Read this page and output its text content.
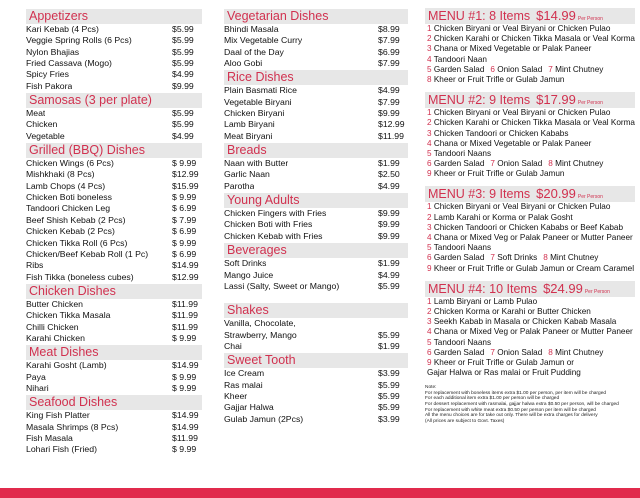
Appetizers
Kari Kebab (4 Pcs)	$5.99
Veggie Spring Rolls (6 Pcs)	$5.99
Nylon Bhajias	$5.99
Fried Cassava (Mogo)	$5.99
Spicy Fries	$4.99
Fish Pakora	$9.99
Samosas (3 per plate)
Meat	$5.99
Chicken	$5.99
Vegetable	$4.99
Grilled (BBQ) Dishes
Chicken Wings (6 Pcs)	$ 9.99
Mishkhaki (8 Pcs)	$12.99
Lamb Chops (4 Pcs)	$15.99
Chicken Boti boneless	$ 9.99
Tandoori Chicken Leg	$ 6.99
Beef Shish Kebab (2 Pcs)	$ 7.99
Chicken Kebab (2 Pcs)	$ 6.99
Chicken Tikka Roll (6 Pcs)	$ 9.99
Chicken/Beef Kebab Roll (1 Pc)	$ 6.99
Ribs	$14.99
Fish Tikka (boneless cubes)	$12.99
Chicken Dishes
Butter Chicken	$11.99
Chicken Tikka Masala	$11.99
Chilli Chicken	$11.99
Karahi Chicken	$ 9.99
Meat Dishes
Karahi Gosht (Lamb)	$14.99
Paya	$ 9.99
Nihari	$ 9.99
Seafood Dishes
King Fish Platter	$14.99
Masala Shrimps (8 Pcs)	$14.99
Fish Masala	$11.99
Lohari Fish (Fried)	$ 9.99
Vegetarian Dishes
Bhindi Masala	$8.99
Mix Vegetable Curry	$7.99
Daal of the Day	$6.99
Aloo Gobi	$7.99
Rice Dishes
Plain Basmati Rice	$4.99
Vegetable Biryani	$7.99
Chicken Biryani	$9.99
Lamb Biryani	$12.99
Meat Biryani	$11.99
Breads
Naan with Butter	$1.99
Garlic Naan	$2.50
Parotha	$4.99
Young Adults
Chicken Fingers with Fries	$9.99
Chicken Boti with Fries	$9.99
Chicken Kebab with Fries	$9.99
Beverages
Soft Drinks	$1.99
Mango Juice	$4.99
Lassi (Salty, Sweet or Mango)	$5.99
Shakes
Vanilla, Chocolate,
Strawberry, Mango	$5.99
Chai	$1.99
Sweet Tooth
Ice Cream	$3.99
Ras malai	$5.99
Kheer	$5.99
Gajjar Halwa	$5.99
Gulab Jamun (2Pcs)	$3.99
MENU #1: 8 Items $14.99 Per Person
1 Chicken Biryani or Veal Biryani or Chicken Pulao
2 Chicken Karahi or Chicken Tikka Masala or Veal Korma
3 Chana or Mixed Vegetable or Palak Paneer
4 Tandoori Naan
5 Garden Salad 6 Onion Salad 7 Mint Chutney
8 Kheer or Fruit Trifle or Gulab Jamun
MENU #2: 9 Items $17.99 Per Person
1 Chicken Biryani or Veal Biryani or Chicken Pulao
2 Chicken Karahi or Chicken Tikka Masala or Veal Korma
3 Chicken Tandoori or Chicken Kababs
4 Chana or Mixed Vegetable or Palak Paneer
5 Tandoori Naans
6 Garden Salad 7 Onion Salad 8 Mint Chutney
9 Kheer or Fruit Trifle or Gulab Jamun
MENU #3: 9 Items $20.99 Per Person
1 Chicken Biryani or Veal Biryani or Chicken Pulao
2 Lamb Karahi or Korma or Palak Gosht
3 Chicken Tandoori or Chicken Kababs or Beef Kabab
4 Chana or Mixed Veg or Palak Paneer or Mutter Paneer
5 Tandoori Naans
6 Garden Salad 7 Soft Drinks 8 Mint Chutney
9 Kheer or Fruit Trifle or Gulab Jamun or Cream Caramel
MENU #4: 10 Items $24.99 Per Person
1 Lamb Biryani or Lamb Pulao
2 Chicken Korma or Karahi or Butter Chicken
3 Seekh Kabab in Masala or Chicken Kabab Masala
4 Chana or Mixed Veg or Palak Paneer or Mutter Paneer
5 Tandoori Naans
6 Garden Salad 7 Onion Salad 8 Mint Chutney
9 Kheer or Fruit Trifle or Gulab Jamun or
Gajar Halwa or Ras malai or Fruit Pudding
Note:
For replacement with boneless items extra $1.00 per person, per item will be charged
For each additional item extra $1.00 per person will be charged
For dessert replacement with rasmalai, gajjar halwa extra $0.50 per person, will be charged
For replacement with white meat extra $0.50 per person per item will be charged
All the menu choices are for take out only. There will be extra charges for delivery
(All prices are subject to Govt. Taxes)
